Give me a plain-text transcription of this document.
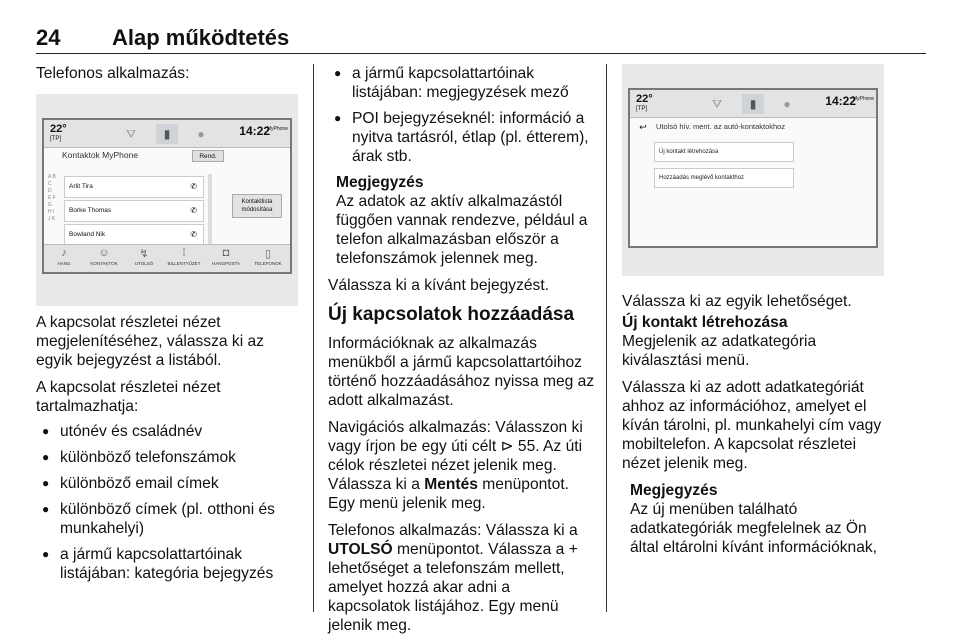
24 Alap működtetés

Telefonos alkalmazás:

A kapcsolat részletei nézet megjelenítéséhez, válassza ki az egyik bejegyzést a listából.

A kapcsolat részletei nézet tartalmazhatja:

● utónév és családnév
● különböző telefonszámok
● különböző email címek
● különböző címek (pl. otthoni és munkahelyi)
● a jármű kapcsolattartóinak listájában: kategória bejegyzés
22°
[TP]	⛛	▮	●	14:22
MyPhone
Kontaktok MyPhone	Rend.
A B C D E F G H I J K
Arlit Tira	✆
Borke Thomas	✆
Bowland Nik	✆
Kontaktlista módosítása
♪
HANG
☺
KONTAKTOK
↯
UTOLSÓ
⁞
BILLENTYŰZET
◘
HANGPOSTA
▯
TELEFONOK
● a jármű kapcsolattartóinak listájában: megjegyzések mező
● POI bejegyzéseknél: információ a nyitva tartásról, étlap (pl. étterem), árak stb.
Megjegyzés
Az adatok az aktív alkalmazástól függően vannak rendezve, például a telefon alkalmazásban először a telefonszámok jelennek meg.

Válassza ki a kívánt bejegyzést.

Új kapcsolatok hozzáadása

Információknak az alkalmazás menükből a jármű kapcsolattartóihoz történő hozzáadásához nyissa meg az adott alkalmazást.

Navigációs alkalmazás: Válasszon ki vagy írjon be egy úti célt ⊳ 55. Az úti célok részletei nézet jelenik meg. Válassza ki a Mentés menüpontot. Egy menü jelenik meg.

Telefonos alkalmazás: Válassza ki a UTOLSÓ menüpontot. Válassza a + lehetőséget a telefonszám mellett, amelyet hozzá akar adni a kapcsolatok listájához. Egy menü jelenik meg.

22°
[TP]	⛛	▮	●	14:22
MyPhone
↩	Utolsó hív. ment. az autó-kontaktokhoz
Új kontakt létrehozása
Hozzáadás meglévő kontakthoz

Válassza ki az egyik lehetőséget.

Új kontakt létrehozása

Megjelenik az adatkategória kiválasztási menü.

Válassza ki az adott adatkategóriát ahhoz az információhoz, amelyet el kíván tárolni, pl. munkahelyi cím vagy mobiltelefon. A kapcsolat részletei nézet jelenik meg.

Megjegyzés
Az új menüben található adatkategóriák megfelelnek az Ön által eltárolni kívánt információknak,
